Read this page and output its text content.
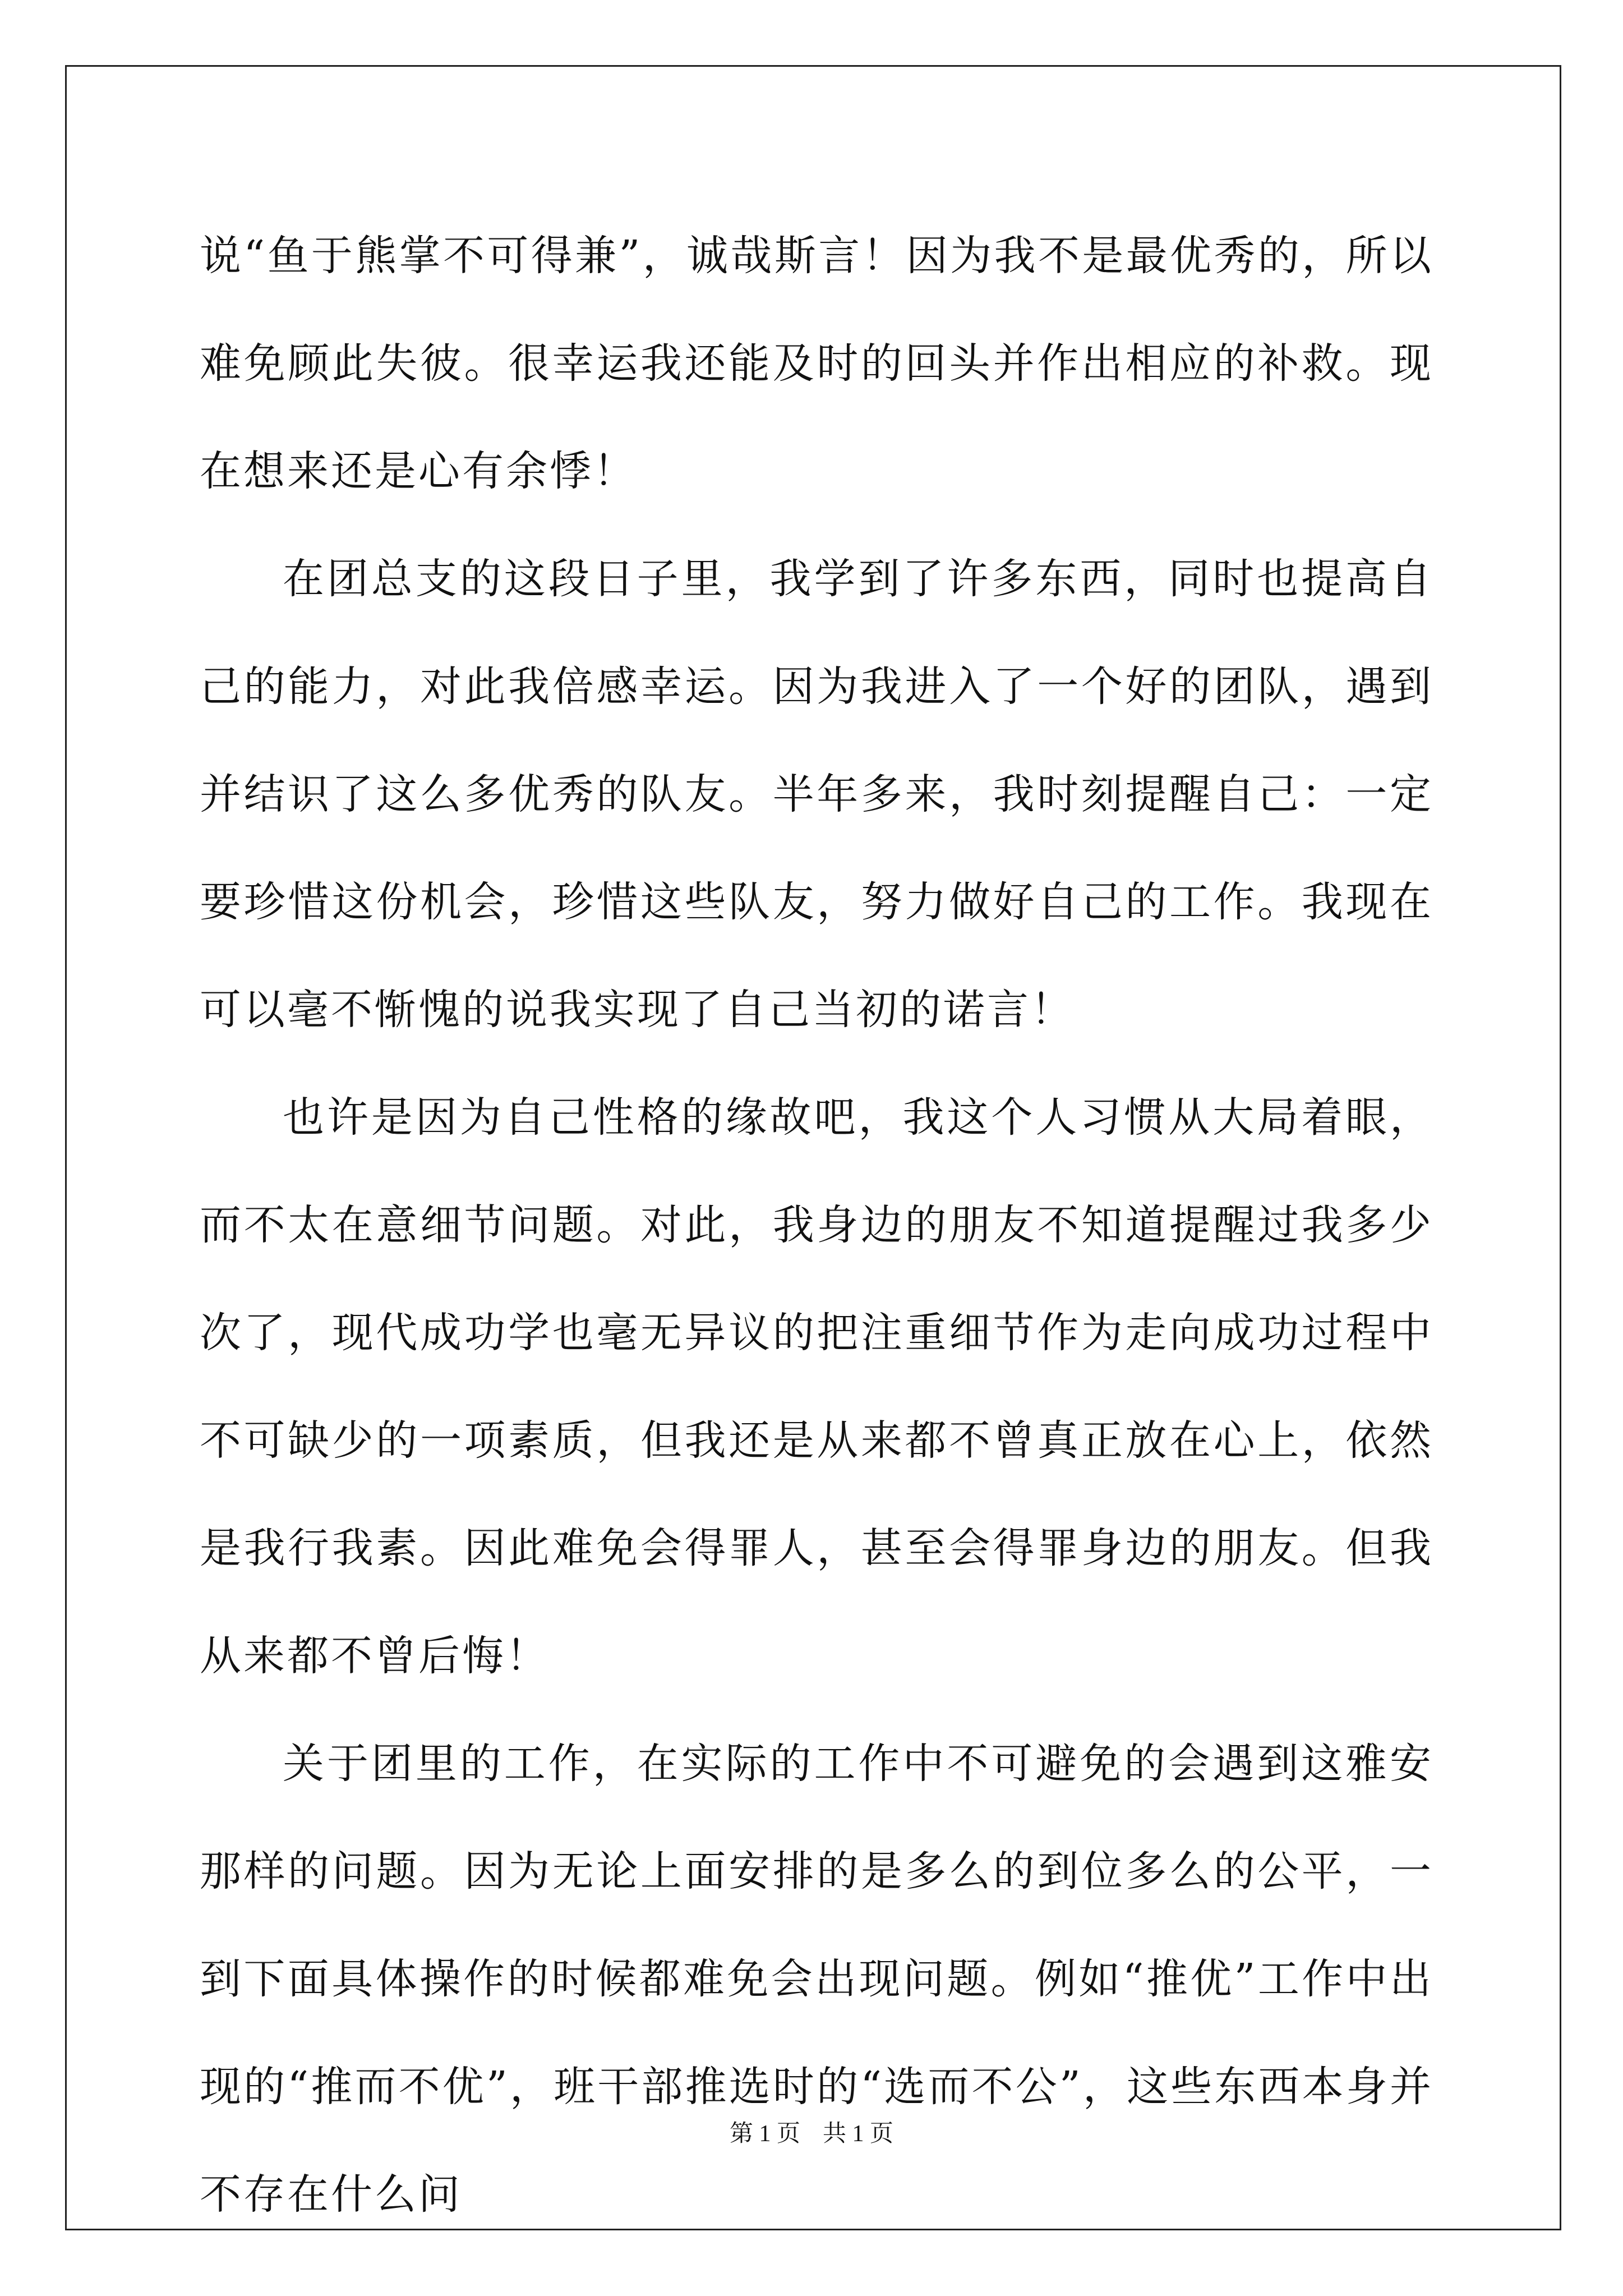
说“鱼于熊掌不可得兼”，诚哉斯言！因为我不是最优秀的，所以难免顾此失彼。很幸运我还能及时的回头并作出相应的补救。现在想来还是心有余悸！

在团总支的这段日子里，我学到了许多东西，同时也提高自己的能力，对此我倍感幸运。因为我进入了一个好的团队，遇到并结识了这么多优秀的队友。半年多来，我时刻提醒自己：一定要珍惜这份机会，珍惜这些队友，努力做好自己的工作。我现在可以毫不惭愧的说我实现了自己当初的诺言！

也许是因为自己性格的缘故吧，我这个人习惯从大局着眼，而不太在意细节问题。对此，我身边的朋友不知道提醒过我多少次了，现代成功学也毫无异议的把注重细节作为走向成功过程中不可缺少的一项素质，但我还是从来都不曾真正放在心上，依然是我行我素。因此难免会得罪人，甚至会得罪身边的朋友。但我从来都不曾后悔！

关于团里的工作，在实际的工作中不可避免的会遇到这雅安那样的问题。因为无论上面安排的是多么的到位多么的公平，一到下面具体操作的时候都难免会出现问题。例如“推优”工作中出现的“推而不优”，班干部推选时的“选而不公”，这些东西本身并不存在什么问

第 1 页 共 1 页
